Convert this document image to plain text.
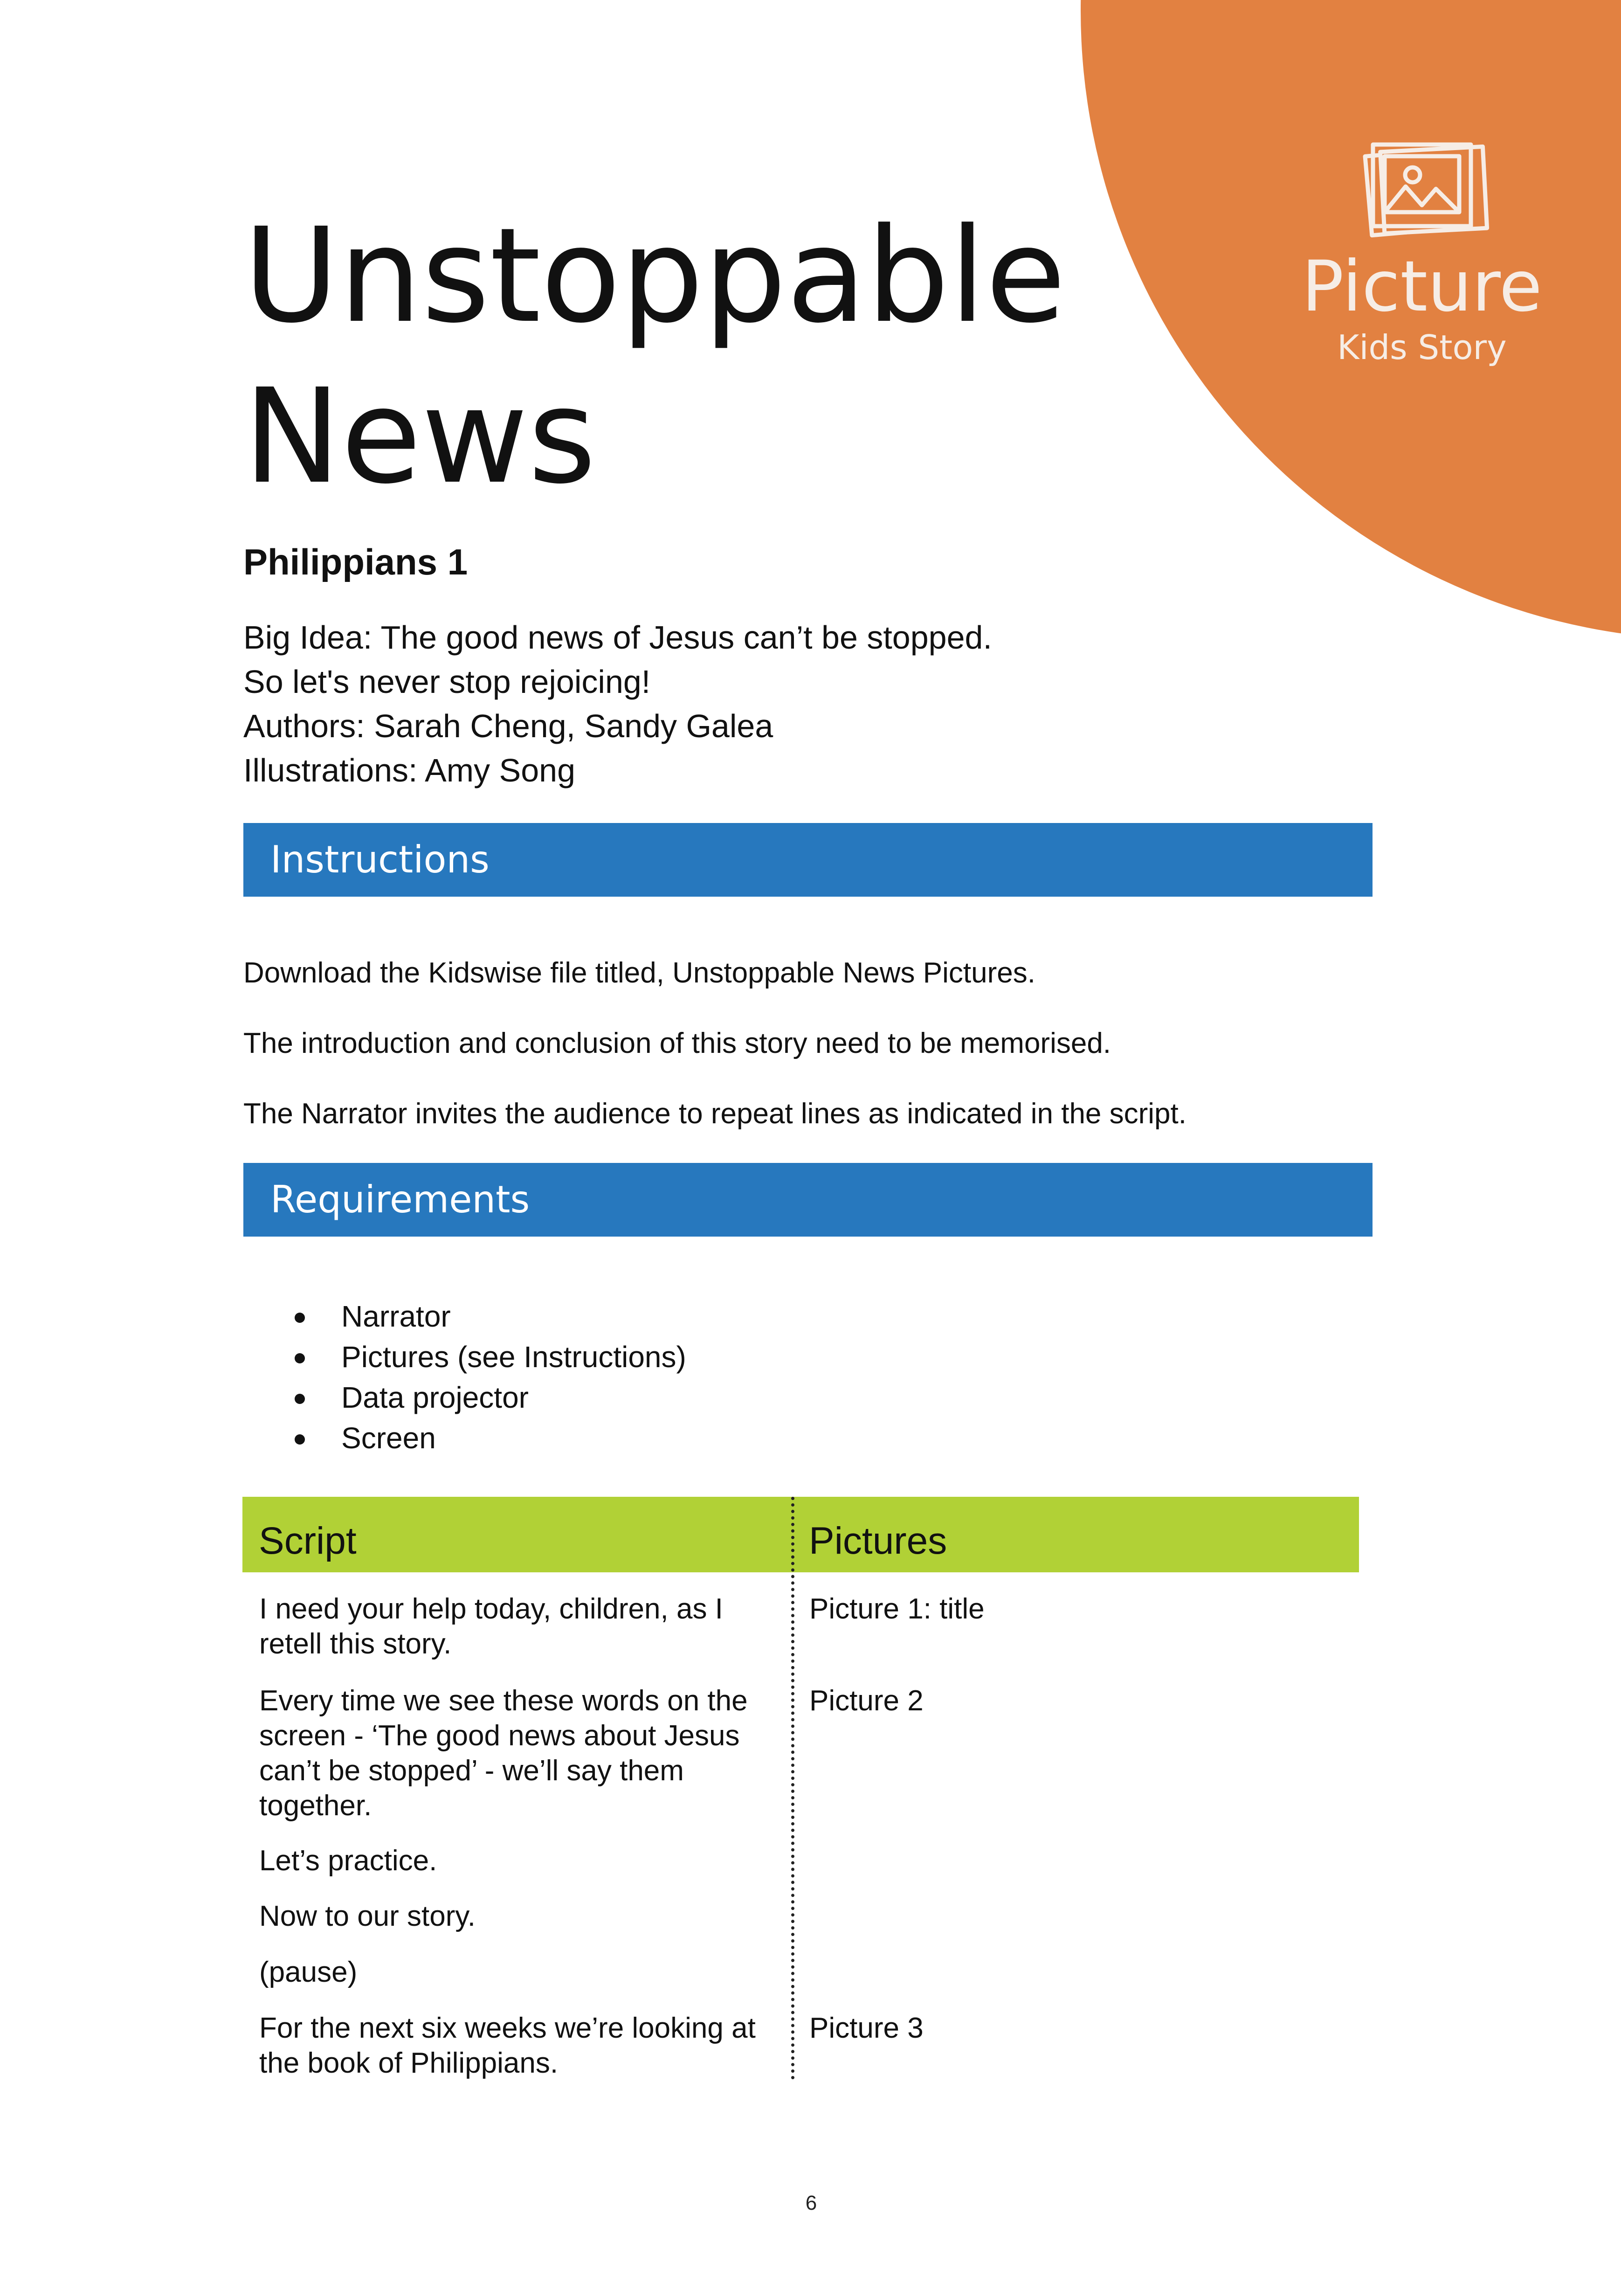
Picture
Kids Story
Unstoppable
News
Philippians 1
Big Idea: The good news of Jesus can’t be stopped.
So let's never stop rejoicing!
Authors: Sarah Cheng, Sandy Galea
Illustrations: Amy Song
Instructions

Download the Kidswise file titled, Unstoppable News Pictures.

The introduction and conclusion of this story need to be memorised.

The Narrator invites the audience to repeat lines as indicated in the script.

Requirements
Narrator
Pictures (see Instructions)
Data projector
Screen
Script	Pictures
I need your help today, children, as I retell this story.
Picture 1: title
Every time we see these words on the screen - ‘The good news about Jesus can’t be stopped’ - we’ll say them together.
Picture 2
Let’s practice.
Now to our story.
(pause)
For the next six weeks we’re looking at the book of Philippians.
Picture 3
6
